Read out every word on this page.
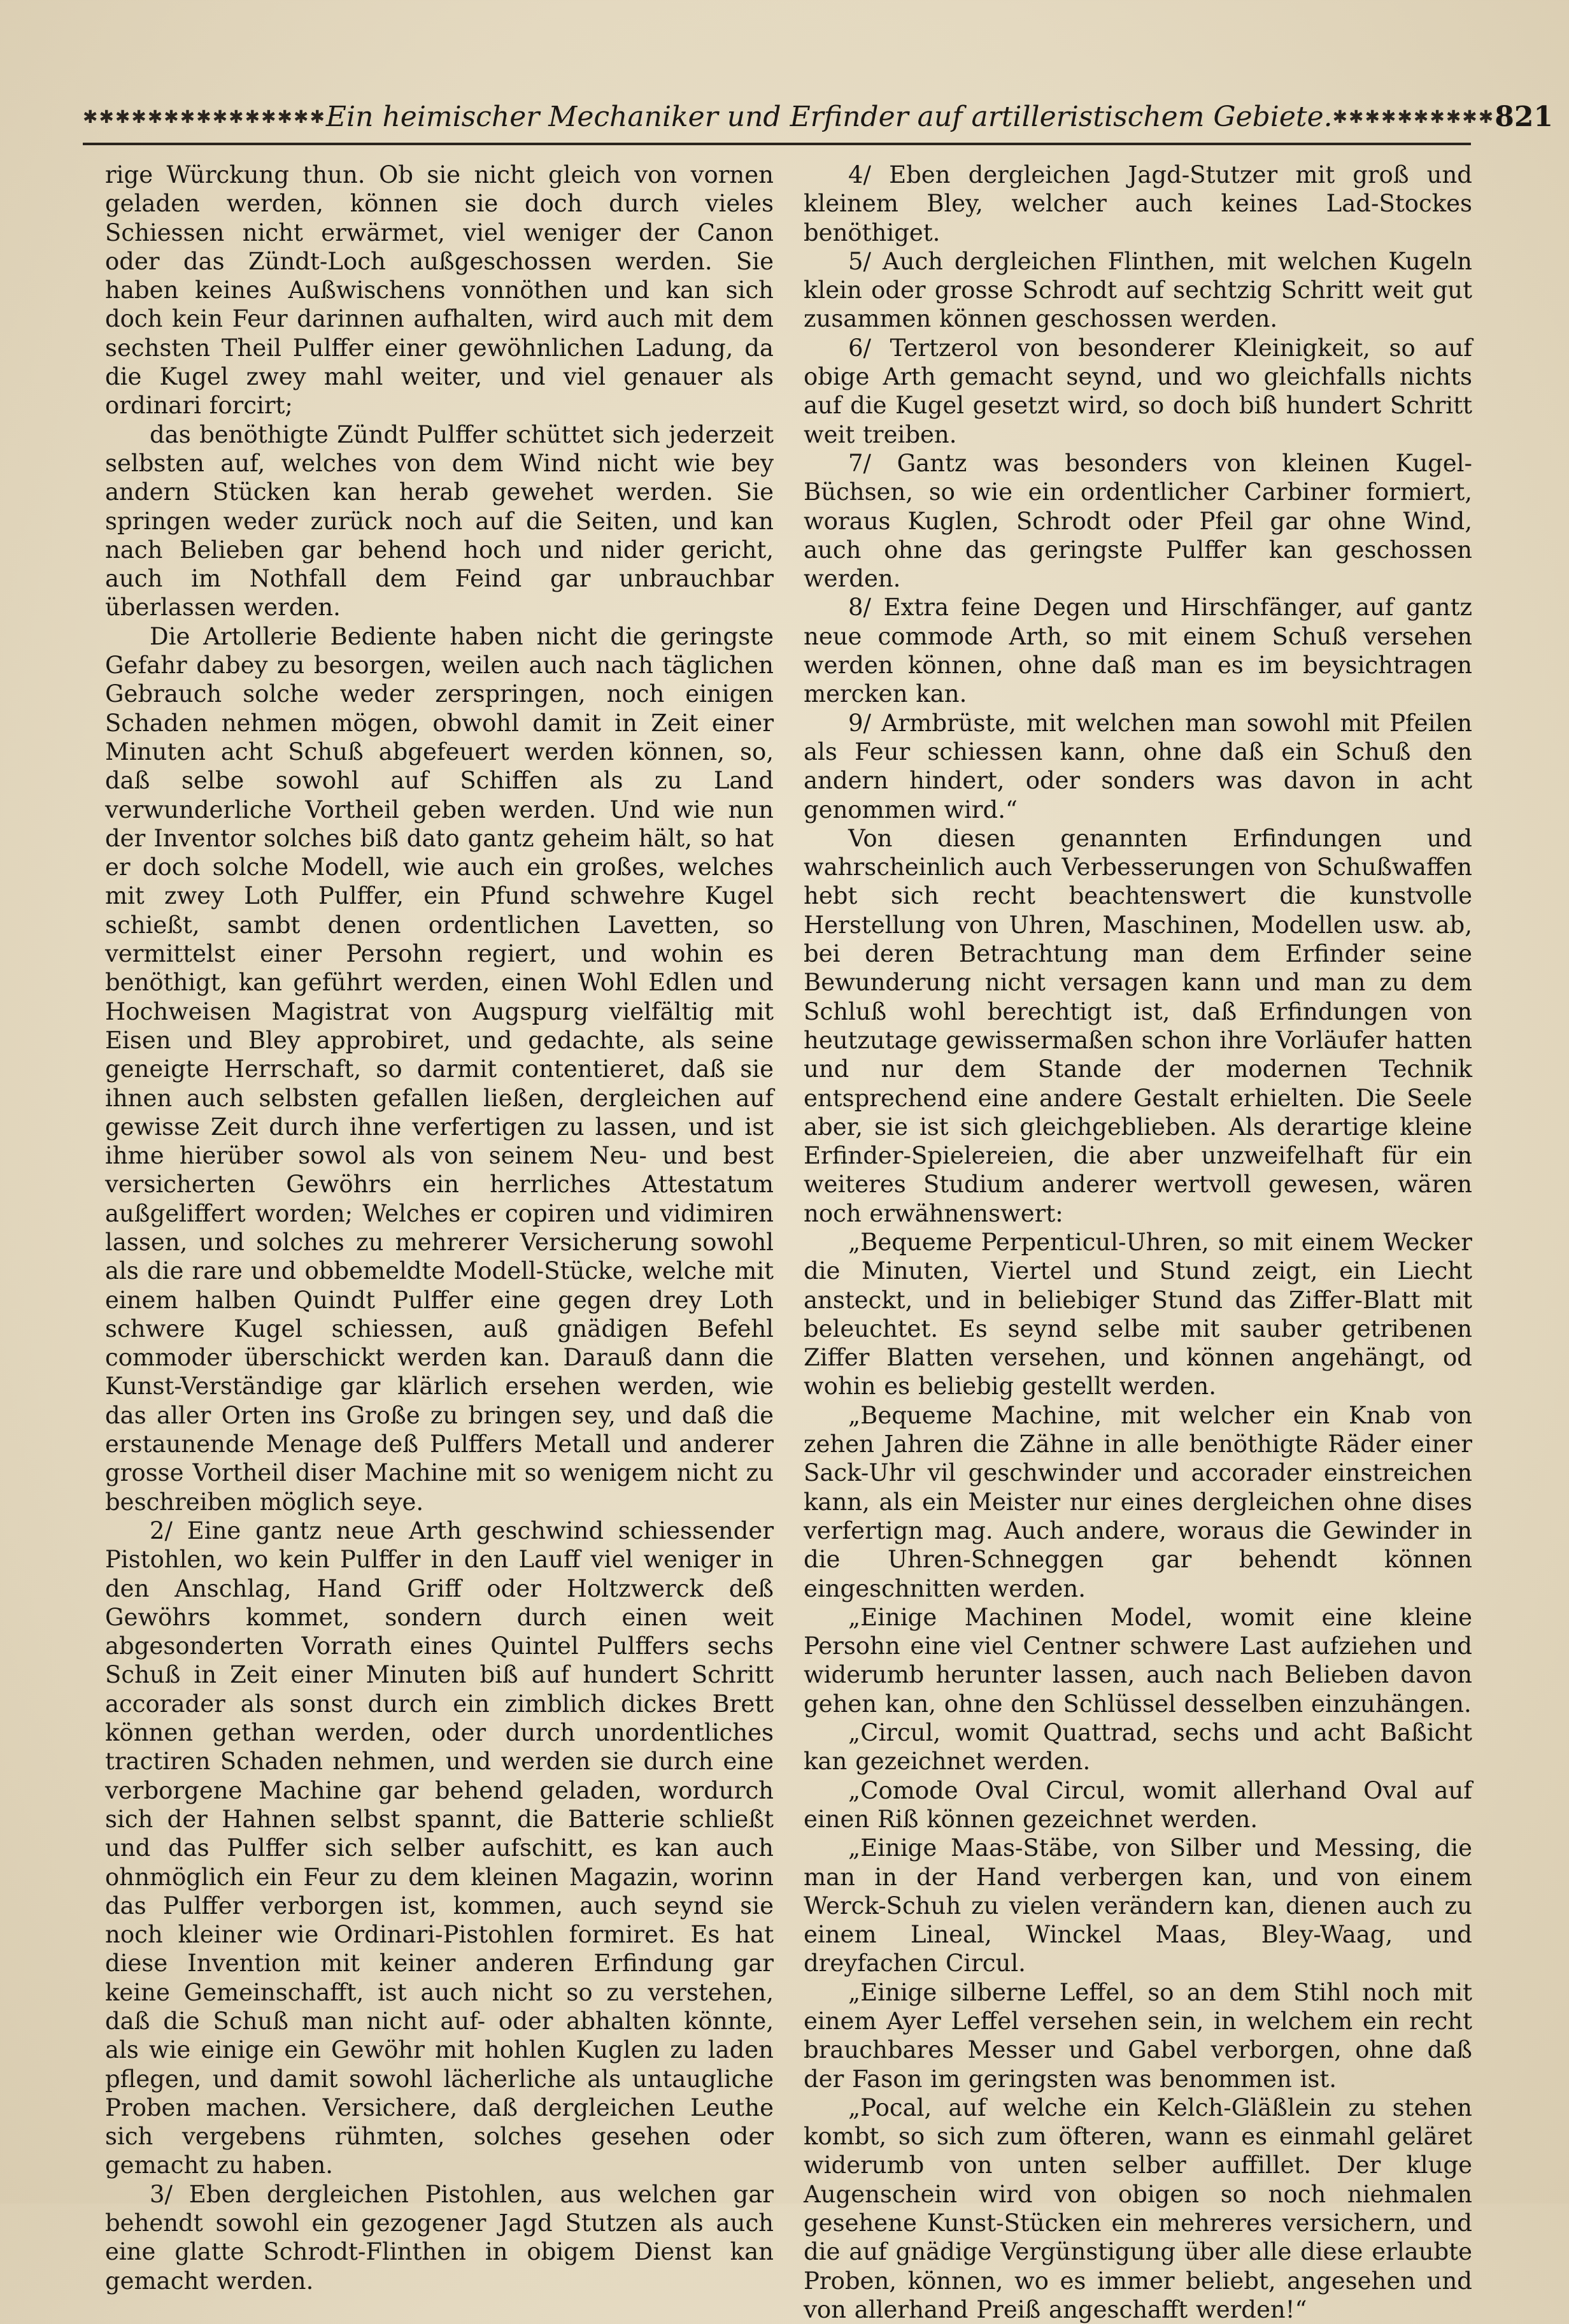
✱✱✱✱✱✱✱✱✱✱✱✱✱✱✱ Ein heimischer Mechaniker und Erfinder auf artilleristischem Gebiete. ✱✱✱✱✱✱✱✱✱✱ 821

rige Würckung thun. Ob sie nicht gleich von vornen geladen werden, können sie doch durch vieles Schiessen nicht erwärmet, viel weniger der Canon oder das Zündt-Loch außgeschossen werden. Sie haben keines Außwischens vonnöthen und kan sich doch kein Feur darinnen aufhalten, wird auch mit dem sechsten Theil Pulffer einer gewöhnlichen Ladung, da die Kugel zwey mahl weiter, und viel genauer als ordinari forcirt;

das benöthigte Zündt Pulffer schüttet sich jederzeit selbsten auf, welches von dem Wind nicht wie bey andern Stücken kan herab gewehet werden. Sie springen weder zurück noch auf die Seiten, und kan nach Belieben gar behend hoch und nider gericht, auch im Nothfall dem Feind gar unbrauchbar überlassen werden.

Die Artollerie Bediente haben nicht die geringste Gefahr dabey zu besorgen, weilen auch nach täglichen Gebrauch solche weder zerspringen, noch einigen Schaden nehmen mögen, obwohl damit in Zeit einer Minuten acht Schuß abgefeuert werden können, so, daß selbe sowohl auf Schiffen als zu Land verwunderliche Vortheil geben werden. Und wie nun der Inventor solches biß dato gantz geheim hält, so hat er doch solche Modell, wie auch ein großes, welches mit zwey Loth Pulffer, ein Pfund schwehre Kugel schießt, sambt denen ordentlichen Lavetten, so vermittelst einer Persohn regiert, und wohin es benöthigt, kan geführt werden, einen Wohl Edlen und Hochweisen Magistrat von Augspurg vielfältig mit Eisen und Bley approbiret, und gedachte, als seine geneigte Herrschaft, so darmit contentieret, daß sie ihnen auch selbsten gefallen ließen, dergleichen auf gewisse Zeit durch ihne verfertigen zu lassen, und ist ihme hierüber sowol als von seinem Neu- und best versicherten Gewöhrs ein herrliches Attestatum außgeliffert worden; Welches er copiren und vidimiren lassen, und solches zu mehrerer Versicherung sowohl als die rare und obbemeldte Modell-Stücke, welche mit einem halben Quindt Pulffer eine gegen drey Loth schwere Kugel schiessen, auß gnädigen Befehl commoder überschickt werden kan. Darauß dann die Kunst-Verständige gar klärlich ersehen werden, wie das aller Orten ins Große zu bringen sey, und daß die erstaunende Menage deß Pulffers Metall und anderer grosse Vortheil diser Machine mit so wenigem nicht zu beschreiben möglich seye.

2/ Eine gantz neue Arth geschwind schiessender Pistohlen, wo kein Pulffer in den Lauff viel weniger in den Anschlag, Hand Griff oder Holtzwerck deß Gewöhrs kommet, sondern durch einen weit abgesonderten Vorrath eines Quintel Pulffers sechs Schuß in Zeit einer Minuten biß auf hundert Schritt accorader als sonst durch ein zimblich dickes Brett können gethan werden, oder durch unordentliches tractiren Schaden nehmen, und werden sie durch eine verborgene Machine gar behend geladen, wordurch sich der Hahnen selbst spannt, die Batterie schließt und das Pulffer sich selber aufschitt, es kan auch ohnmöglich ein Feur zu dem kleinen Magazin, worinn das Pulffer verborgen ist, kommen, auch seynd sie noch kleiner wie Ordinari-Pistohlen formiret. Es hat diese Invention mit keiner anderen Erfindung gar keine Gemeinschafft, ist auch nicht so zu verstehen, daß die Schuß man nicht auf- oder abhalten könnte, als wie einige ein Gewöhr mit hohlen Kuglen zu laden pflegen, und damit sowohl lächerliche als untaugliche Proben machen. Versichere, daß dergleichen Leuthe sich vergebens rühmten, solches gesehen oder gemacht zu haben.

3/ Eben dergleichen Pistohlen, aus welchen gar behendt sowohl ein gezogener Jagd Stutzen als auch eine glatte Schrodt-Flinthen in obigem Dienst kan gemacht werden.

4/ Eben dergleichen Jagd-Stutzer mit groß und kleinem Bley, welcher auch keines Lad-Stockes benöthiget.

5/ Auch dergleichen Flinthen, mit welchen Kugeln klein oder grosse Schrodt auf sechtzig Schritt weit gut zusammen können geschossen werden.

6/ Tertzerol von besonderer Kleinigkeit, so auf obige Arth gemacht seynd, und wo gleichfalls nichts auf die Kugel gesetzt wird, so doch biß hundert Schritt weit treiben.

7/ Gantz was besonders von kleinen Kugel-Büchsen, so wie ein ordentlicher Carbiner formiert, woraus Kuglen, Schrodt oder Pfeil gar ohne Wind, auch ohne das geringste Pulffer kan geschossen werden.

8/ Extra feine Degen und Hirschfänger, auf gantz neue commode Arth, so mit einem Schuß versehen werden können, ohne daß man es im beysichtragen mercken kan.

9/ Armbrüste, mit welchen man sowohl mit Pfeilen als Feur schiessen kann, ohne daß ein Schuß den andern hindert, oder sonders was davon in acht genommen wird.“

Von diesen genannten Erfindungen und wahrscheinlich auch Verbesserungen von Schußwaffen hebt sich recht beachtenswert die kunstvolle Herstellung von Uhren, Maschinen, Modellen usw. ab, bei deren Betrachtung man dem Erfinder seine Bewunderung nicht versagen kann und man zu dem Schluß wohl berechtigt ist, daß Erfindungen von heutzutage gewissermaßen schon ihre Vorläufer hatten und nur dem Stande der modernen Technik entsprechend eine andere Gestalt erhielten. Die Seele aber, sie ist sich gleichgeblieben. Als derartige kleine Erfinder-Spielereien, die aber unzweifelhaft für ein weiteres Studium anderer wertvoll gewesen, wären noch erwähnenswert:

„Bequeme Perpenticul-Uhren, so mit einem Wecker die Minuten, Viertel und Stund zeigt, ein Liecht ansteckt, und in beliebiger Stund das Ziffer-Blatt mit beleuchtet. Es seynd selbe mit sauber getribenen Ziffer Blatten versehen, und können angehängt, od wohin es beliebig gestellt werden.

„Bequeme Machine, mit welcher ein Knab von zehen Jahren die Zähne in alle benöthigte Räder einer Sack-Uhr vil geschwinder und accorader einstreichen kann, als ein Meister nur eines dergleichen ohne dises verfertign mag. Auch andere, woraus die Gewinder in die Uhren-Schneggen gar behendt können eingeschnitten werden.

„Einige Machinen Model, womit eine kleine Persohn eine viel Centner schwere Last aufziehen und widerumb herunter lassen, auch nach Belieben davon gehen kan, ohne den Schlüssel desselben einzuhängen.

„Circul, womit Quattrad, sechs und acht Baßicht kan gezeichnet werden.

„Comode Oval Circul, womit allerhand Oval auf einen Riß können gezeichnet werden.

„Einige Maas-Stäbe, von Silber und Messing, die man in der Hand verbergen kan, und von einem Werck-Schuh zu vielen verändern kan, dienen auch zu einem Lineal, Winckel Maas, Bley-Waag, und dreyfachen Circul.

„Einige silberne Leffel, so an dem Stihl noch mit einem Ayer Leffel versehen sein, in welchem ein recht brauchbares Messer und Gabel verborgen, ohne daß der Fason im geringsten was benommen ist.

„Pocal, auf welche ein Kelch-Gläßlein zu stehen kombt, so sich zum öfteren, wann es einmahl geläret widerumb von unten selber auffillet. Der kluge Augenschein wird von obigen so noch niehmalen gesehene Kunst-Stücken ein mehreres versichern, und die auf gnädige Vergünstigung über alle diese erlaubte Proben, können, wo es immer beliebt, angesehen und von allerhand Preiß angeschafft werden!“
